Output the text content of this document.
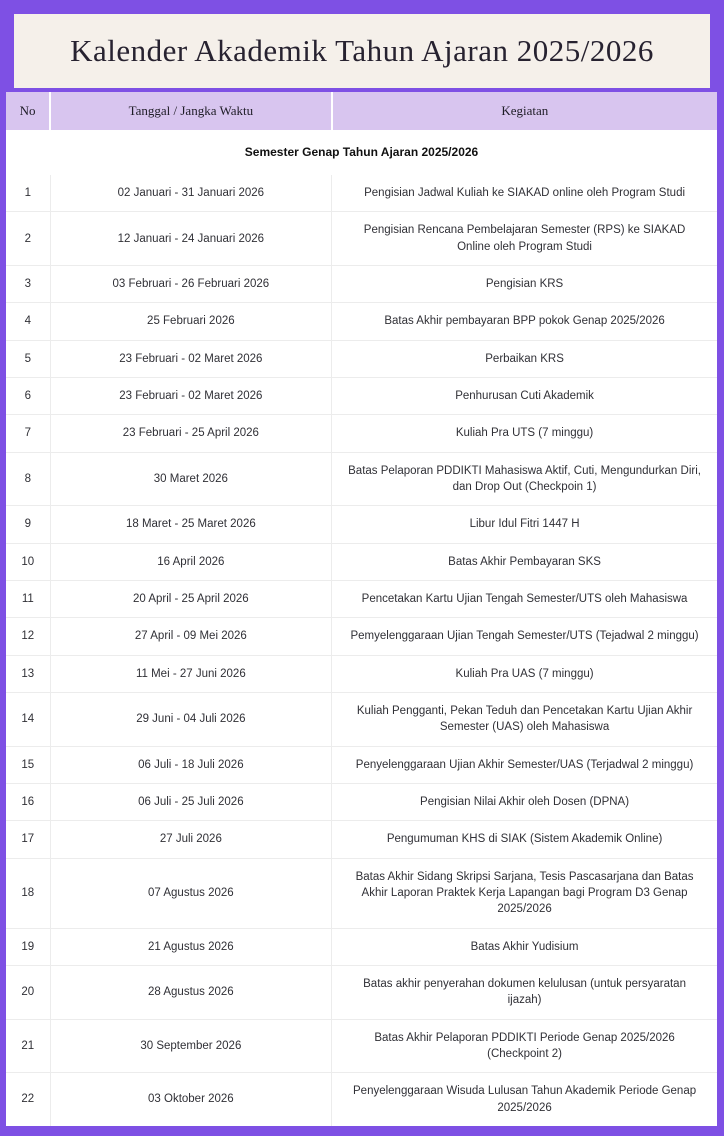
Kalender Akademik Tahun Ajaran 2025/2026
No	Tanggal / Jangka Waktu	Kegiatan
Semester Genap Tahun Ajaran 2025/2026		
1	02 Januari - 31 Januari 2026	Pengisian Jadwal Kuliah ke SIAKAD online oleh Program Studi
2	12 Januari - 24 Januari 2026	Pengisian Rencana Pembelajaran Semester (RPS) ke SIAKAD Online oleh Program Studi
3	03 Februari - 26 Februari 2026	Pengisian KRS
4	25 Februari 2026	Batas Akhir pembayaran BPP pokok Genap 2025/2026
5	23 Februari - 02 Maret 2026	Perbaikan KRS
6	23 Februari - 02 Maret 2026	Penhurusan Cuti Akademik
7	23 Februari - 25 April 2026	Kuliah Pra UTS (7 minggu)
8	30 Maret 2026	Batas Pelaporan PDDIKTI Mahasiswa Aktif, Cuti, Mengundurkan Diri, dan Drop Out (Checkpoin 1)
9	18 Maret - 25 Maret 2026	Libur Idul Fitri 1447 H
10	16 April 2026	Batas Akhir Pembayaran SKS
11	20 April - 25 April 2026	Pencetakan Kartu Ujian Tengah Semester/UTS oleh Mahasiswa
12	27 April - 09 Mei 2026	Pemyelenggaraan Ujian Tengah Semester/UTS (Tejadwal 2 minggu)
13	11 Mei - 27 Juni 2026	Kuliah Pra UAS (7 minggu)
14	29 Juni - 04 Juli 2026	Kuliah Pengganti, Pekan Teduh dan Pencetakan Kartu Ujian Akhir Semester (UAS) oleh Mahasiswa
15	06 Juli - 18 Juli 2026	Penyelenggaraan Ujian Akhir Semester/UAS (Terjadwal 2 minggu)
16	06 Juli - 25 Juli 2026	Pengisian Nilai Akhir oleh Dosen (DPNA)
17	27 Juli 2026	Pengumuman KHS di SIAK (Sistem Akademik Online)
18	07 Agustus 2026	Batas Akhir Sidang Skripsi Sarjana, Tesis Pascasarjana dan Batas Akhir Laporan Praktek Kerja Lapangan bagi Program D3 Genap 2025/2026
19	21 Agustus 2026	Batas Akhir Yudisium
20	28 Agustus 2026	Batas akhir penyerahan dokumen kelulusan (untuk persyaratan ijazah)
21	30 September 2026	Batas Akhir Pelaporan PDDIKTI Periode Genap 2025/2026 (Checkpoint 2)
22	03 Oktober 2026	Penyelenggaraan Wisuda Lulusan Tahun Akademik Periode Genap 2025/2026
